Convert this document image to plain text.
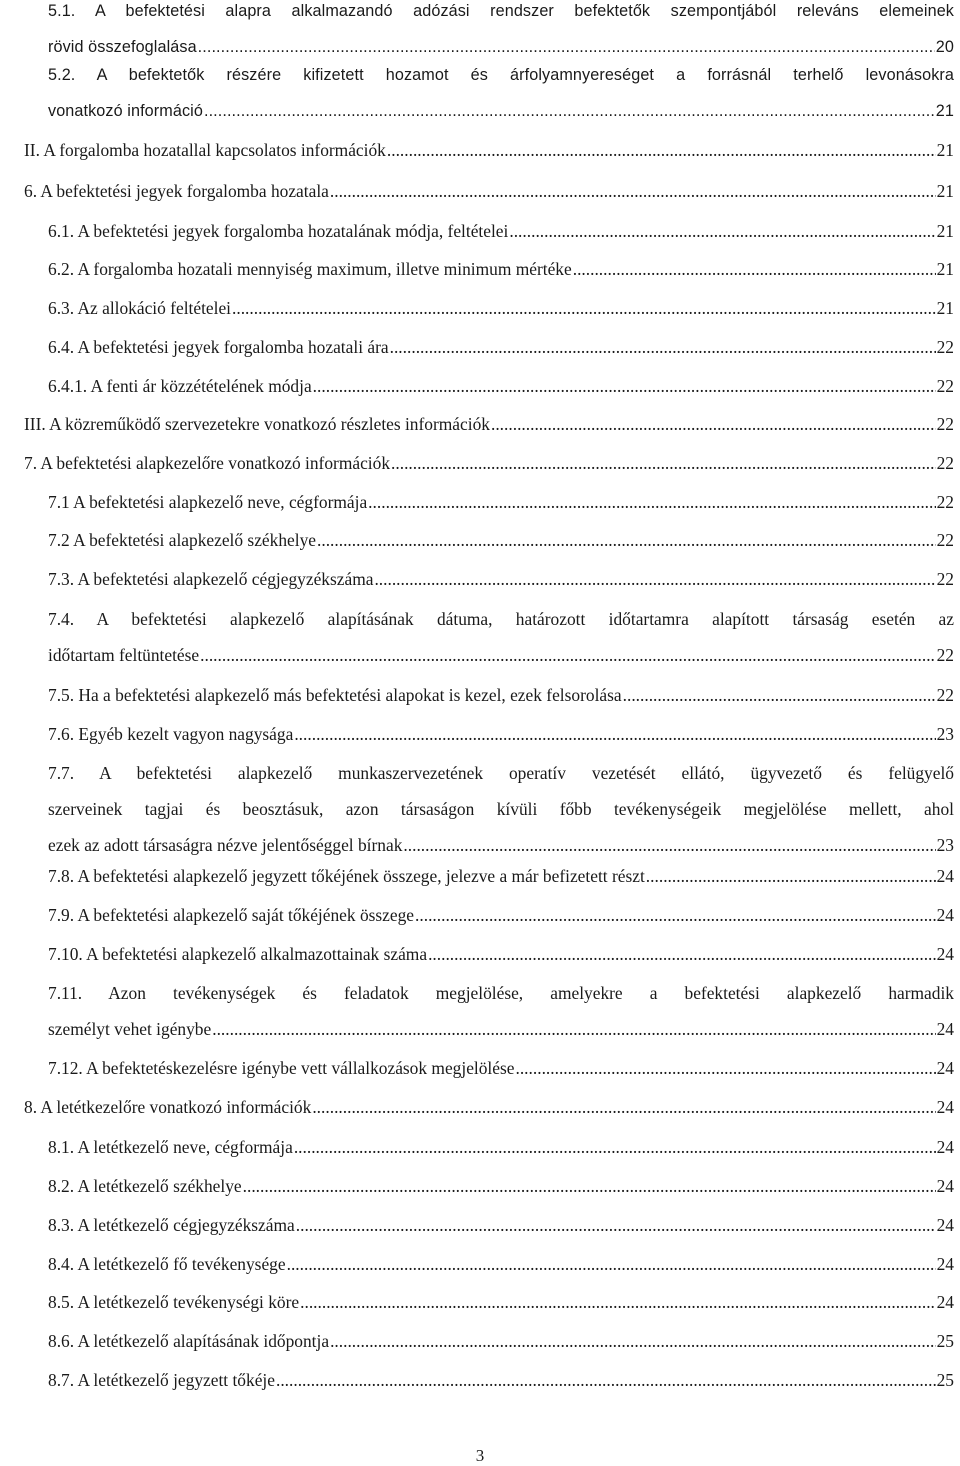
5.1. A befektetési alapra alkalmazandó adózási rendszer befektetők szempontjából releváns elemeinek
rövid összefoglalása .....	20
5.2. A befektetők részére kifizetett hozamot és árfolyamnyereséget a forrásnál terhelő levonásokra
vonatkozó információ .....	21
II. A forgalomba hozatallal kapcsolatos információk .....	21
6. A befektetési jegyek forgalomba hozatala .....	21
6.1. A befektetési jegyek forgalomba hozatalának módja, feltételei .....	21
6.2. A forgalomba hozatali mennyiség maximum, illetve minimum mértéke .....	21
6.3. Az allokáció feltételei .....	21
6.4. A befektetési jegyek forgalomba hozatali ára .....	22
6.4.1. A fenti ár közzétételének módja .....	22
III. A közreműködő szervezetekre vonatkozó részletes információk .....	22
7. A befektetési alapkezelőre vonatkozó információk .....	22
7.1 A befektetési alapkezelő neve, cégformája .....	22
7.2 A befektetési alapkezelő székhelye .....	22
7.3. A befektetési alapkezelő cégjegyzékszáma .....	22
7.4. A befektetési alapkezelő alapításának dátuma, határozott időtartamra alapított társaság esetén az
időtartam feltüntetése .....	22
7.5. Ha a befektetési alapkezelő más befektetési alapokat is kezel, ezek felsorolása .....	22
7.6. Egyéb kezelt vagyon nagysága .....	23
7.7. A befektetési alapkezelő munkaszervezetének operatív vezetését ellátó, ügyvezető és felügyelő
szerveinek tagjai és beosztásuk, azon társaságon kívüli főbb tevékenységeik megjelölése mellett, ahol
ezek az adott társaságra nézve jelentőséggel bírnak .....	23
7.8. A befektetési alapkezelő jegyzett tőkéjének összege, jelezve a már befizetett részt .....	24
7.9. A befektetési alapkezelő saját tőkéjének összege .....	24
7.10. A befektetési alapkezelő alkalmazottainak száma .....	24
7.11. Azon tevékenységek és feladatok megjelölése, amelyekre a befektetési alapkezelő harmadik
személyt vehet igénybe .....	24
7.12. A befektetéskezelésre igénybe vett vállalkozások megjelölése .....	24
8. A letétkezelőre vonatkozó információk .....	24
8.1. A letétkezelő neve, cégformája .....	24
8.2. A letétkezelő székhelye .....	24
8.3. A letétkezelő cégjegyzékszáma .....	24
8.4. A letétkezelő fő tevékenysége .....	24
8.5. A letétkezelő tevékenységi köre .....	24
8.6. A letétkezelő alapításának időpontja .....	25
8.7. A letétkezelő jegyzett tőkéje .....	25
3
